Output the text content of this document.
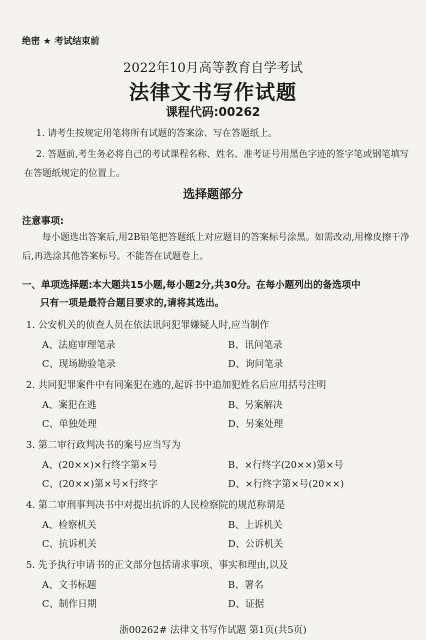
绝密 ★ 考试结束前
2022年10月高等教育自学考试
法律文书写作试题
课程代码:00262
1. 请考生按规定用笔将所有试题的答案涂、写在答题纸上。
2. 答题前,考生务必将自己的考试课程名称、姓名、准考证号用黑色字迹的签字笔或钢笔填写在答题纸规定的位置上。
选择题部分
注意事项:
每小题选出答案后,用2B铅笔把答题纸上对应题目的答案标号涂黑。如需改动,用橡皮擦干净后,再选涂其他答案标号。不能答在试题卷上。
一、单项选择题:本大题共15小题,每小题2分,共30分。在每小题列出的备选项中
只有一项是最符合题目要求的,请将其选出。
1. 公安机关的侦查人员在依法讯问犯罪嫌疑人时,应当制作
A、法庭审理笔录	B、讯问笔录
C、现场勘验笔录	D、询问笔录
2. 共同犯罪案件中有同案犯在逃的,起诉书中追加犯姓名后应用括号注明
A、案犯在逃	B、另案解决
C、单独处理	D、另案处理
3. 第二审行政判决书的案号应当写为
A、(20××)×行终字第×号	B、×行终字(20××)第×号
C、(20××)第×号×行终字	D、×行终字第×号(20××)
4. 第二审刑事判决书中对提出抗诉的人民检察院的规范称谓是
A、检察机关	B、上诉机关
C、抗诉机关	D、公诉机关
5. 先予执行申请书的正文部分包括请求事项、事实和理由,以及
A、文书标题	B、署名
C、制作日期	D、证据
浙00262# 法律文书写作试题 第1页(共5页)
